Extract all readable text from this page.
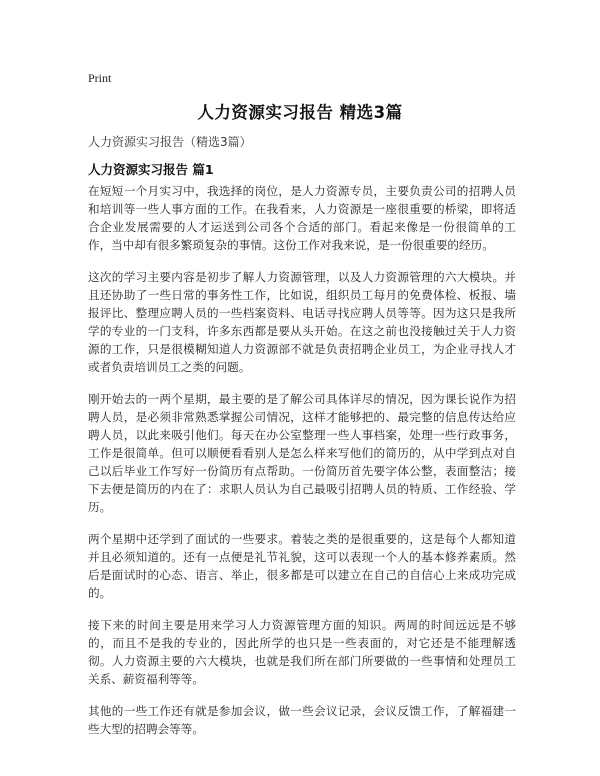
Print
人力资源实习报告 精选3篇
人力资源实习报告（精选3篇）
人力资源实习报告 篇1

在短短一个月实习中，我选择的岗位，是人力资源专员，主要负责公司的招聘人员和培训等一些人事方面的工作。在我看来，人力资源是一座很重要的桥梁，即将适合企业发展需要的人才运送到公司各个合适的部门。看起来像是一份很简单的工作，当中却有很多繁琐复杂的事情。这份工作对我来说，是一份很重要的经历。

这次的学习主要内容是初步了解人力资源管理，以及人力资源管理的六大模块。并且还协助了一些日常的事务性工作，比如说，组织员工每月的免费体检、板报、墙报评比、整理应聘人员的一些档案资料、电话寻找应聘人员等等。因为这只是我所学的专业的一门支科，许多东西都是要从头开始。在这之前也没接触过关于人力资源的工作，只是很模糊知道人力资源部不就是负责招聘企业员工，为企业寻找人才或者负责培训员工之类的问题。

刚开始去的一两个星期，最主要的是了解公司具体详尽的情况，因为课长说作为招聘人员，是必须非常熟悉掌握公司情况，这样才能够把的、最完整的信息传达给应聘人员，以此来吸引他们。每天在办公室整理一些人事档案，处理一些行政事务，工作是很简单。但可以顺便看看别人是怎么样来写他们的简历的，从中学到点对自己以后毕业工作写好一份简历有点帮助。一份简历首先要字体公整，表面整洁；接下去便是简历的内在了：求职人员认为自己最吸引招聘人员的特质、工作经验、学历。

两个星期中还学到了面试的一些要求。着装之类的是很重要的，这是每个人都知道并且必须知道的。还有一点便是礼节礼貌，这可以表现一个人的基本修养素质。然后是面试时的心态、语言、举止，很多都是可以建立在自己的自信心上来成功完成的。

接下来的时间主要是用来学习人力资源管理方面的知识。两周的时间远远是不够的，而且不是我的专业的，因此所学的也只是一些表面的，对它还是不能理解透彻。人力资源主要的六大模块，也就是我们所在部门所要做的一些事情和处理员工关系、薪资福利等等。

其他的一些工作还有就是参加会议，做一些会议记录，会议反馈工作，了解福建一些大型的招聘会等等。
